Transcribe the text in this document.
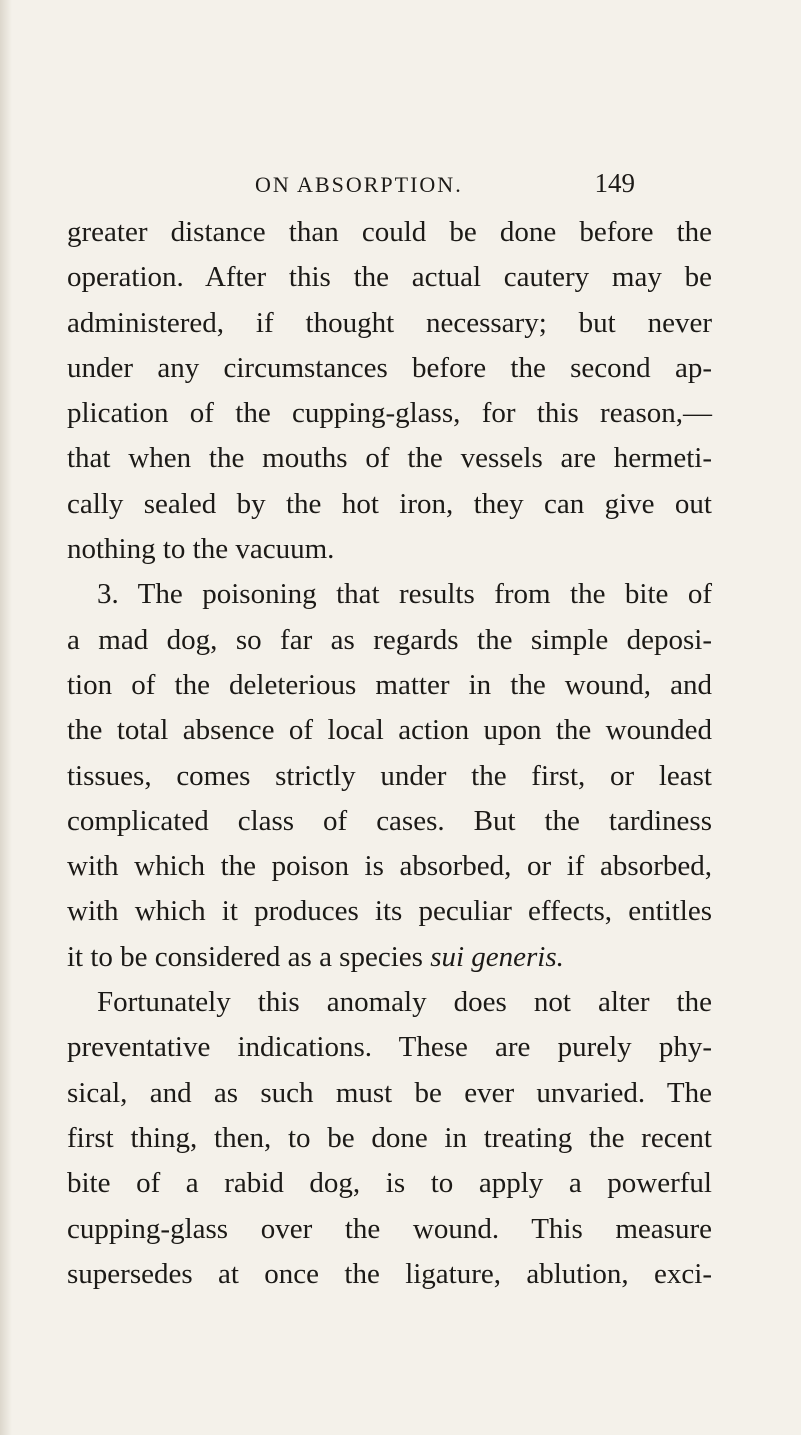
ON ABSORPTION.	149
greater distance than could be done before the
operation. After this the actual cautery may be
administered, if thought necessary; but never
under any circumstances before the second ap-
plication of the cupping-glass, for this reason,—
that when the mouths of the vessels are hermeti-
cally sealed by the hot iron, they can give out
nothing to the vacuum.
3. The poisoning that results from the bite of
a mad dog, so far as regards the simple deposi-
tion of the deleterious matter in the wound, and
the total absence of local action upon the wounded
tissues, comes strictly under the first, or least
complicated class of cases. But the tardiness
with which the poison is absorbed, or if absorbed,
with which it produces its peculiar effects, entitles
it to be considered as a species sui generis.
Fortunately this anomaly does not alter the
preventative indications. These are purely phy-
sical, and as such must be ever unvaried. The
first thing, then, to be done in treating the recent
bite of a rabid dog, is to apply a powerful
cupping-glass over the wound. This measure
supersedes at once the ligature, ablution, exci-
